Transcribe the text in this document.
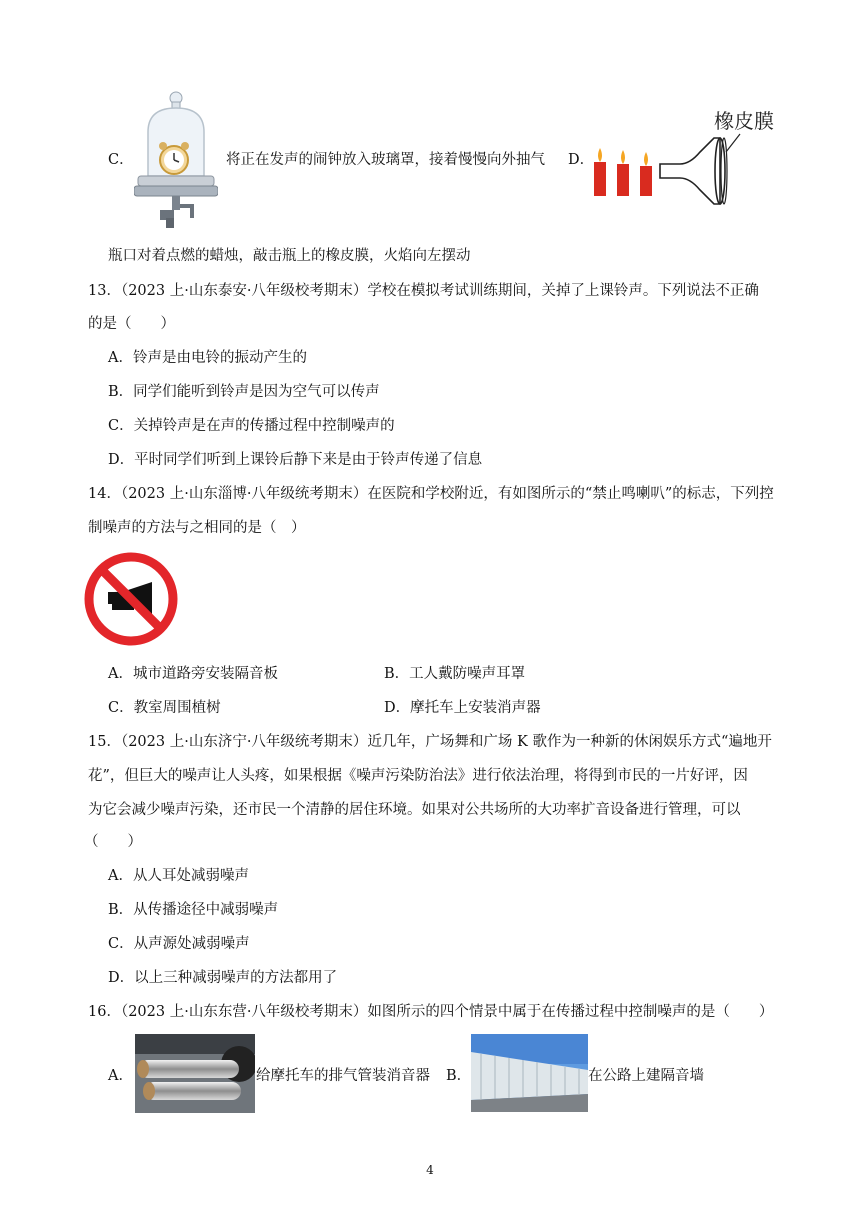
C．	将正在发声的闹钟放入玻璃罩，接着慢慢向外抽气 D．
橡皮膜
瓶口对着点燃的蜡烛，敲击瓶上的橡皮膜，火焰向左摆动
13．（2023 上·山东泰安·八年级校考期末）学校在模拟考试训练期间，关掉了上课铃声。下列说法不正确
的是（　　）
A．铃声是由电铃的振动产生的
B．同学们能听到铃声是因为空气可以传声
C．关掉铃声是在声的传播过程中控制噪声的
D．平时同学们听到上课铃后静下来是由于铃声传递了信息
14．（2023 上·山东淄博·八年级统考期末）在医院和学校附近，有如图所示的“禁止鸣喇叭”的标志，下列控
制噪声的方法与之相同的是（　）
A．城市道路旁安装隔音板	B．工人戴防噪声耳罩
C．教室周围植树	D．摩托车上安装消声器
15．（2023 上·山东济宁·八年级统考期末）近几年，广场舞和广场 K 歌作为一种新的休闲娱乐方式“遍地开
花”，但巨大的噪声让人头疼，如果根据《噪声污染防治法》进行依法治理，将得到市民的一片好评，因
为它会减少噪声污染，还市民一个清静的居住环境。如果对公共场所的大功率扩音设备进行管理，可以
（　　）
A．从人耳处减弱噪声
B．从传播途径中减弱噪声
C．从声源处减弱噪声
D．以上三种减弱噪声的方法都用了
16．（2023 上·山东东营·八年级校考期末）如图所示的四个情景中属于在传播过程中控制噪声的是（　　）
A．	给摩托车的排气管装消音器 B．	在公路上建隔音墙
4
